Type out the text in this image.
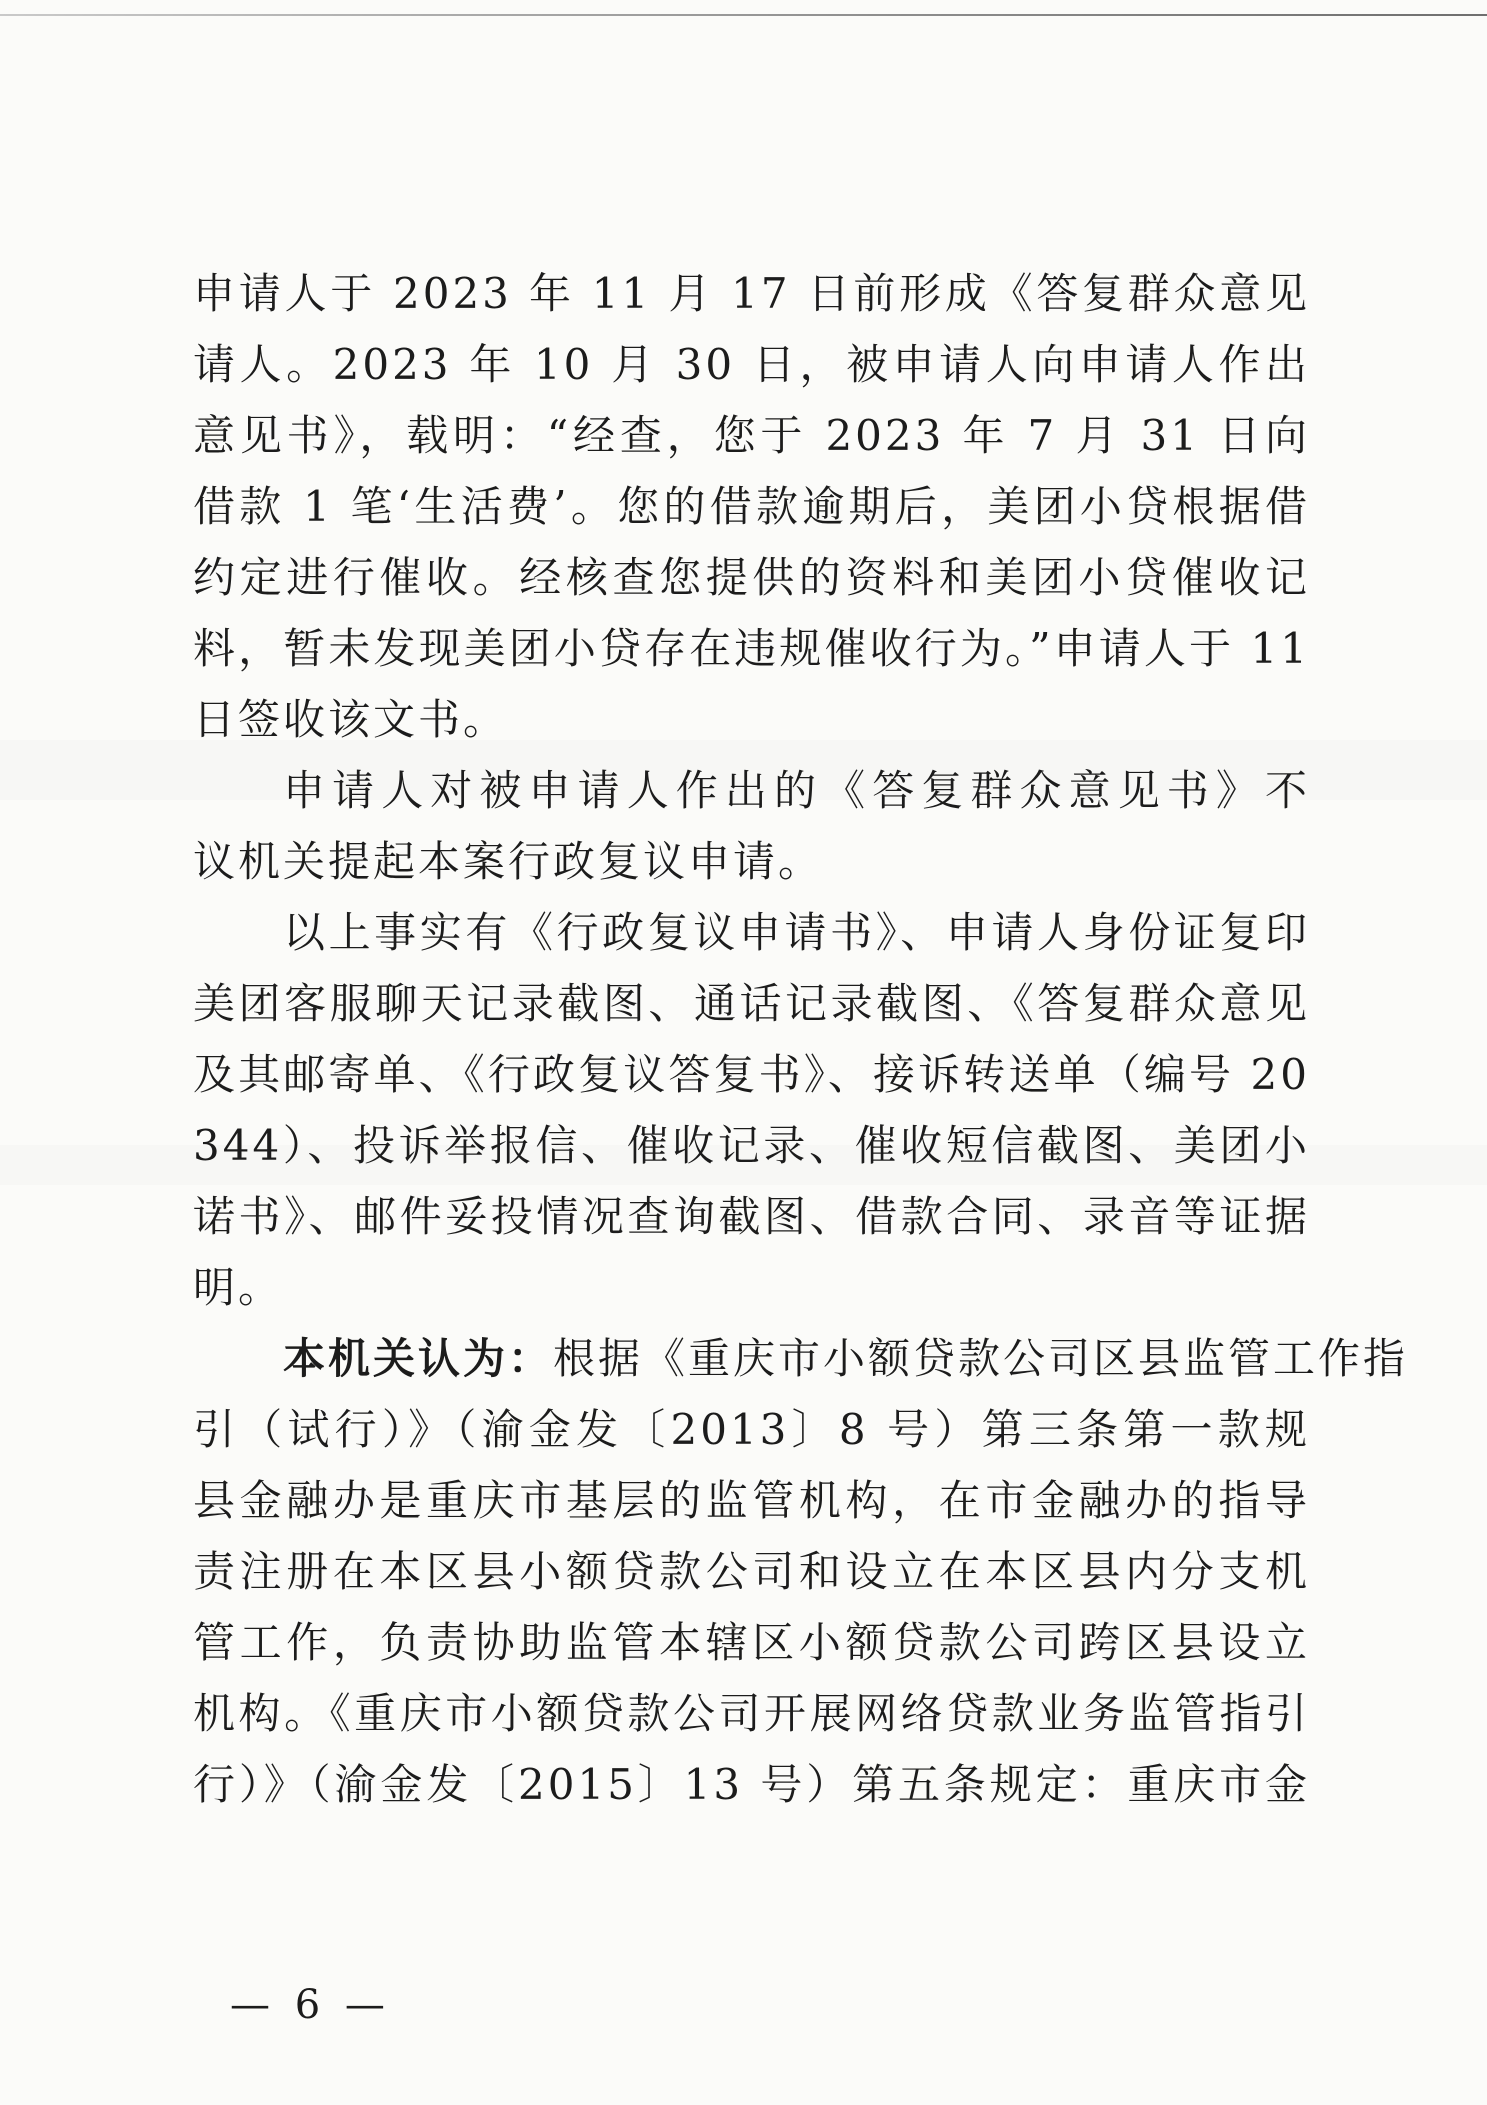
申请人于 2023 年 11 月 17 日前形成《答复群众意见
请人。2023 年 10 月 30 日，被申请人向申请人作出
意见书》，载明：“经查，您于 2023 年 7 月 31 日向
借款 1 笔‘生活费’。您的借款逾期后，美团小贷根据借
约定进行催收。经核查您提供的资料和美团小贷催收记
料，暂未发现美团小贷存在违规催收行为。”申请人于 11
日签收该文书。
申请人对被申请人作出的《答复群众意见书》不
议机关提起本案行政复议申请。
以上事实有《行政复议申请书》、申请人身份证复印
美团客服聊天记录截图、通话记录截图、《答复群众意见
及其邮寄单、《行政复议答复书》、接诉转送单（编号 20
344）、投诉举报信、催收记录、催收短信截图、美团小
诺书》、邮件妥投情况查询截图、借款合同、录音等证据
明。
本机关认为：根据《重庆市小额贷款公司区县监管工作指
引（试行）》（渝金发〔2013〕8 号）第三条第一款规
县金融办是重庆市基层的监管机构，在市金融办的指导
责注册在本区县小额贷款公司和设立在本区县内分支机
管工作，负责协助监管本辖区小额贷款公司跨区县设立
机构。《重庆市小额贷款公司开展网络贷款业务监管指引
行）》（渝金发〔2015〕13 号）第五条规定：重庆市金
— 6 —
